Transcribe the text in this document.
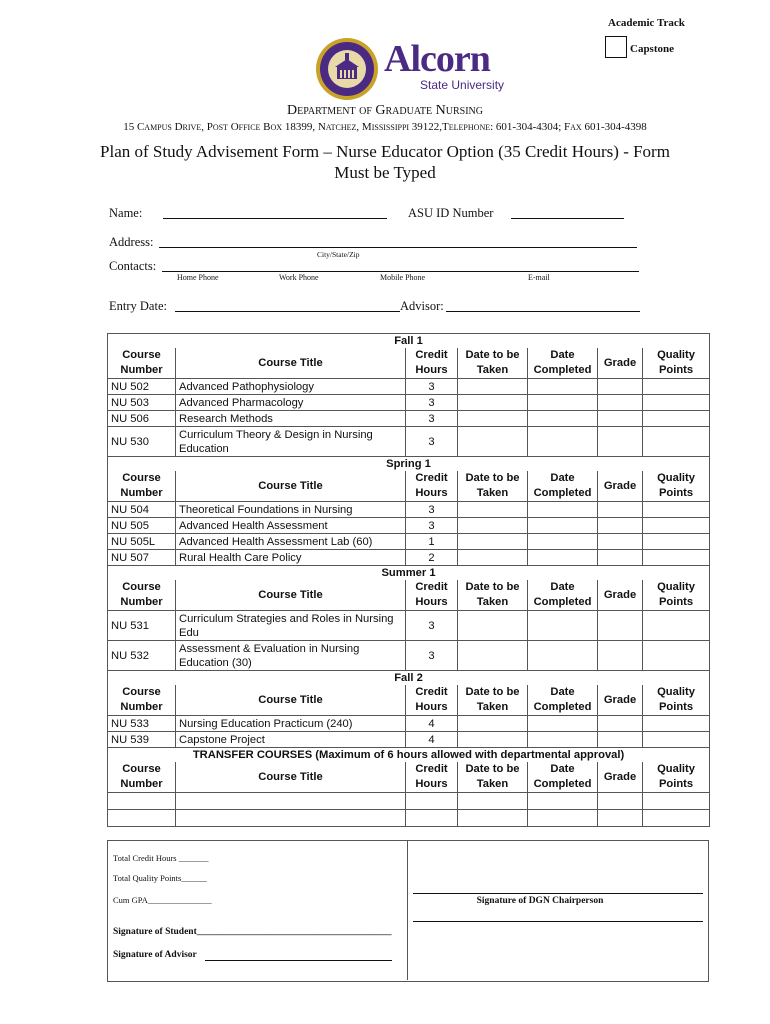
Academic Track
Capstone
Alcorn
State University
Department of Graduate Nursing
15 Campus Drive, Post Office Box 18399, Natchez, Mississippi 39122,Telephone: 601-304-4304; Fax 601-304-4398
Plan of Study Advisement Form – Nurse Educator Option (35 Credit Hours) - Form
Must be Typed
Name:	ASU ID Number
Address:
City/State/Zip
Contacts:
Home Phone	Work Phone	Mobile Phone	E-mail
Entry Date:	Advisor:
Fall 1						
Course Number	Course Title	Credit Hours	Date to be Taken	Date Completed	Grade	Quality Points
NU 502	Advanced Pathophysiology	3				
NU 503	Advanced Pharmacology	3				
NU 506	Research Methods	3				
NU 530	Curriculum Theory & Design in Nursing Education	3				
Spring 1						
Course Number	Course Title	Credit Hours	Date to be Taken	Date Completed	Grade	Quality Points
NU 504	Theoretical Foundations in Nursing	3				
NU 505	Advanced Health Assessment	3				
NU 505L	Advanced Health Assessment Lab (60)	1				
NU 507	Rural Health Care Policy	2				
Summer 1						
Course Number	Course Title	Credit Hours	Date to be Taken	Date Completed	Grade	Quality Points
NU 531	Curriculum Strategies and Roles in Nursing Edu	3				
NU 532	Assessment & Evaluation in Nursing Education (30)	3				
Fall 2						
Course Number	Course Title	Credit Hours	Date to be Taken	Date Completed	Grade	Quality Points
NU 533	Nursing Education Practicum (240)	4				
NU 539	Capstone Project	4				
TRANSFER COURSES (Maximum of 6 hours allowed with departmental approval)						
Course Number	Course Title	Credit Hours	Date to be Taken	Date Completed	Grade	Quality Points

Total Credit Hours _______
Total Quality Points______
Cum GPA_______________
Signature of Student_________________________________________
Signature of Advisor
Signature of DGN Chairperson
